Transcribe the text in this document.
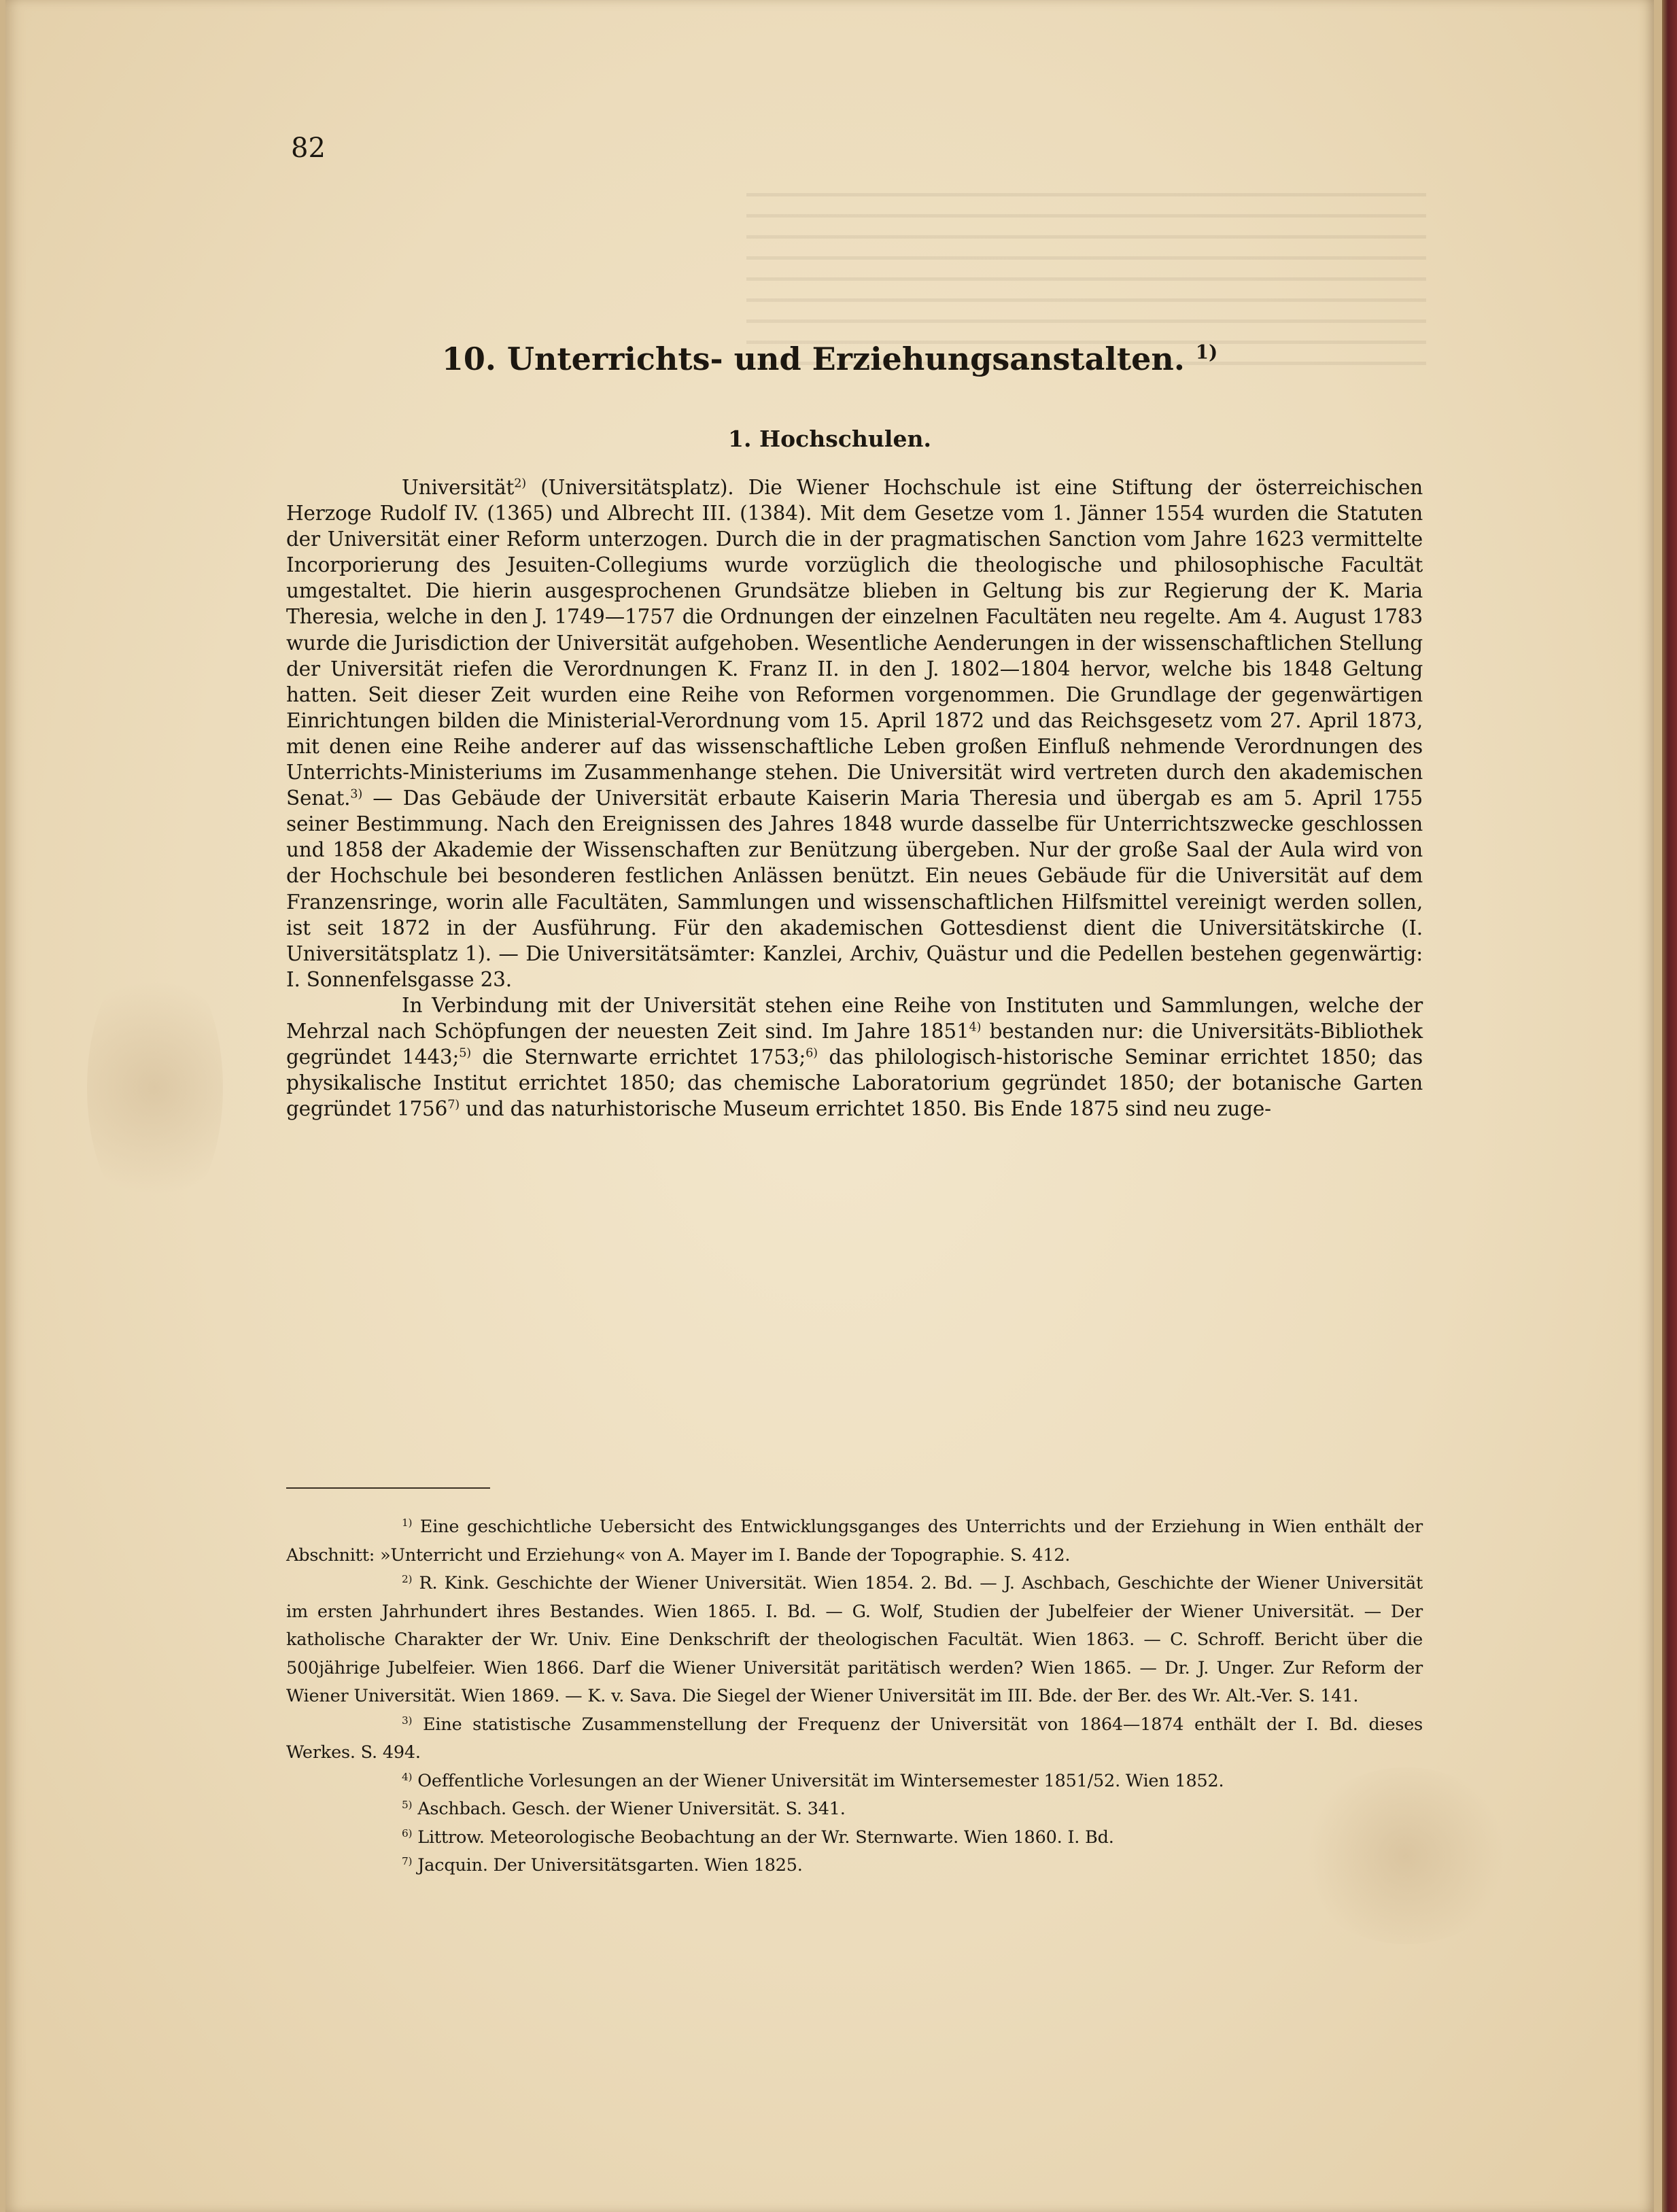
82
10. Unterrichts- und Erziehungsanstalten. $^{1)}$
1. Hochschulen.

Universität$^{2)}$ (Universitätsplatz). Die Wiener Hochschule ist eine Stiftung der österreichischen Herzoge Rudolf IV. (1365) und Albrecht III. (1384). Mit dem Gesetze vom 1. Jänner 1554 wurden die Statuten der Universität einer Reform unterzogen. Durch die in der pragmatischen Sanction vom Jahre 1623 vermittelte Incorporierung des Jesuiten-Collegiums wurde vorzüglich die theologische und philosophische Facultät umgestaltet. Die hierin ausgesprochenen Grundsätze blieben in Geltung bis zur Regierung der K. Maria Theresia, welche in den J. 1749—1757 die Ordnungen der einzelnen Facultäten neu regelte. Am 4. August 1783 wurde die Jurisdiction der Universität aufgehoben. Wesentliche Aenderungen in der wissenschaftlichen Stellung der Universität riefen die Verordnungen K. Franz II. in den J. 1802—1804 hervor, welche bis 1848 Geltung hatten. Seit dieser Zeit wurden eine Reihe von Reformen vorgenommen. Die Grundlage der gegenwärtigen Einrichtungen bilden die Ministerial-Verordnung vom 15. April 1872 und das Reichsgesetz vom 27. April 1873, mit denen eine Reihe anderer auf das wissenschaftliche Leben großen Einfluß nehmende Verordnungen des Unterrichts-Ministeriums im Zusammenhange stehen. Die Universität wird vertreten durch den akademischen Senat.$^{3)}$ — Das Gebäude der Universität erbaute Kaiserin Maria Theresia und übergab es am 5. April 1755 seiner Bestimmung. Nach den Ereignissen des Jahres 1848 wurde dasselbe für Unterrichtszwecke geschlossen und 1858 der Akademie der Wissenschaften zur Benützung übergeben. Nur der große Saal der Aula wird von der Hochschule bei besonderen festlichen Anlässen benützt. Ein neues Gebäude für die Universität auf dem Franzensringe, worin alle Facultäten, Sammlungen und wissenschaftlichen Hilfsmittel vereinigt werden sollen, ist seit 1872 in der Ausführung. Für den akademischen Gottesdienst dient die Universitätskirche (I. Universitätsplatz 1). — Die Universitätsämter: Kanzlei, Archiv, Quästur und die Pedellen bestehen gegenwärtig: I. Sonnenfelsgasse 23.

In Verbindung mit der Universität stehen eine Reihe von Instituten und Sammlungen, welche der Mehrzal nach Schöpfungen der neuesten Zeit sind. Im Jahre 1851$^{4)}$ bestanden nur: die Universitäts-Bibliothek gegründet 1443;$^{5)}$ die Sternwarte errichtet 1753;$^{6)}$ das philologisch-historische Seminar errichtet 1850; das physikalische Institut errichtet 1850; das chemische Laboratorium gegründet 1850; der botanische Garten gegründet 1756$^{7)}$ und das naturhistorische Museum errichtet 1850. Bis Ende 1875 sind neu zuge-

$^{1)}$ Eine geschichtliche Uebersicht des Entwicklungsganges des Unterrichts und der Erziehung in Wien enthält der Abschnitt: »Unterricht und Erziehung« von A. Mayer im I. Bande der Topographie. S. 412.

$^{2)}$ R. Kink. Geschichte der Wiener Universität. Wien 1854. 2. Bd. — J. Aschbach, Geschichte der Wiener Universität im ersten Jahrhundert ihres Bestandes. Wien 1865. I. Bd. — G. Wolf, Studien der Jubelfeier der Wiener Universität. — Der katholische Charakter der Wr. Univ. Eine Denkschrift der theologischen Facultät. Wien 1863. — C. Schroff. Bericht über die 500jährige Jubelfeier. Wien 1866. Darf die Wiener Universität paritätisch werden? Wien 1865. — Dr. J. Unger. Zur Reform der Wiener Universität. Wien 1869. — K. v. Sava. Die Siegel der Wiener Universität im III. Bde. der Ber. des Wr. Alt.-Ver. S. 141.

$^{3)}$ Eine statistische Zusammenstellung der Frequenz der Universität von 1864—1874 enthält der I. Bd. dieses Werkes. S. 494.

$^{4)}$ Oeffentliche Vorlesungen an der Wiener Universität im Wintersemester 1851/52. Wien 1852.

$^{5)}$ Aschbach. Gesch. der Wiener Universität. S. 341.

$^{6)}$ Littrow. Meteorologische Beobachtung an der Wr. Sternwarte. Wien 1860. I. Bd.

$^{7)}$ Jacquin. Der Universitätsgarten. Wien 1825.
